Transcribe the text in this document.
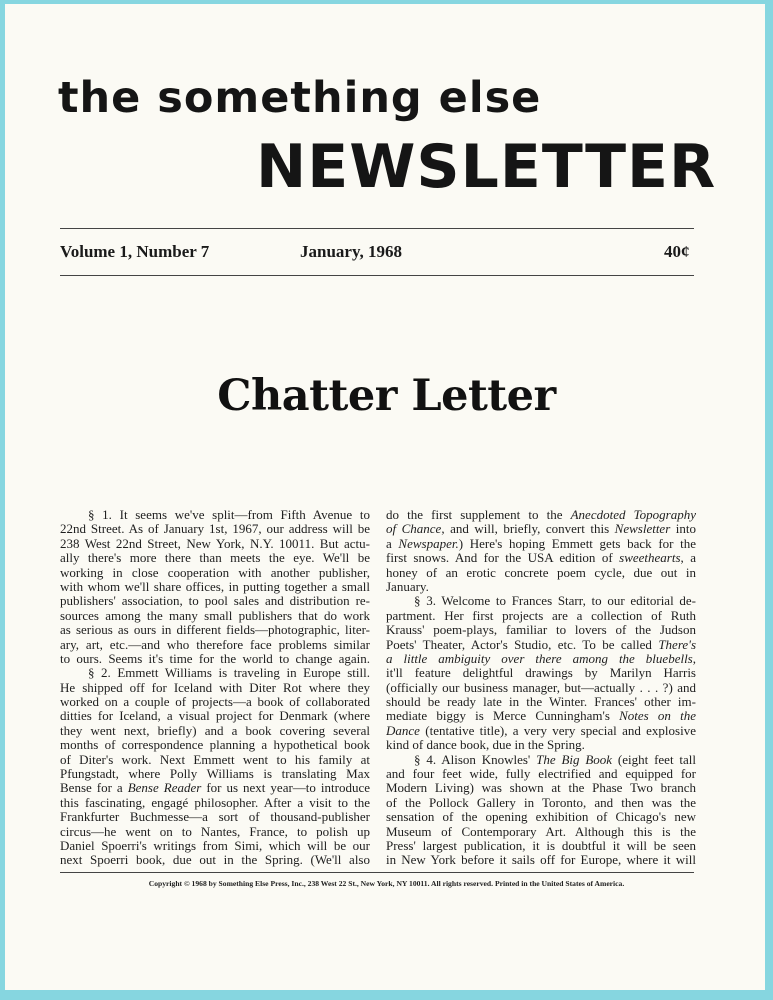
the something else
NEWSLETTER
Volume 1, Number 7	January, 1968	40¢
Chatter Letter
§ 1. It seems we've split—from Fifth Avenue to
22nd Street. As of January 1st, 1967, our address will be
238 West 22nd Street, New York, N.Y. 10011. But actu-
ally there's more there than meets the eye. We'll be
working in close cooperation with another publisher,
with whom we'll share offices, in putting together a small
publishers' association, to pool sales and distribution re-
sources among the many small publishers that do work
as serious as ours in different fields—photographic, liter-
ary, art, etc.—and who therefore face problems similar
to ours. Seems it's time for the world to change again.
§ 2. Emmett Williams is traveling in Europe still.
He shipped off for Iceland with Diter Rot where they
worked on a couple of projects—a book of collaborated
ditties for Iceland, a visual project for Denmark (where
they went next, briefly) and a book covering several
months of correspondence planning a hypothetical book
of Diter's work. Next Emmett went to his family at
Pfungstadt, where Polly Williams is translating Max
Bense for a Bense Reader for us next year—to introduce
this fascinating, engagé philosopher. After a visit to the
Frankfurter Buchmesse—a sort of thousand-publisher
circus—he went on to Nantes, France, to polish up
Daniel Spoerri's writings from Simi, which will be our
next Spoerri book, due out in the Spring. (We'll also
do the first supplement to the Anecdoted Topography
of Chance, and will, briefly, convert this Newsletter into
a Newspaper.) Here's hoping Emmett gets back for the
first snows. And for the USA edition of sweethearts, a
honey of an erotic concrete poem cycle, due out in
January.
§ 3. Welcome to Frances Starr, to our editorial de-
partment. Her first projects are a collection of Ruth
Krauss' poem-plays, familiar to lovers of the Judson
Poets' Theater, Actor's Studio, etc. To be called There's
a little ambiguity over there among the bluebells,
it'll feature delightful drawings by Marilyn Harris
(officially our business manager, but—actually . . . ?) and
should be ready late in the Winter. Frances' other im-
mediate biggy is Merce Cunningham's Notes on the
Dance (tentative title), a very very special and explosive
kind of dance book, due in the Spring.
§ 4. Alison Knowles' The Big Book (eight feet tall
and four feet wide, fully electrified and equipped for
Modern Living) was shown at the Phase Two branch
of the Pollock Gallery in Toronto, and then was the
sensation of the opening exhibition of Chicago's new
Museum of Contemporary Art. Although this is the
Press' largest publication, it is doubtful it will be seen
in New York before it sails off for Europe, where it will
Copyright © 1968 by Something Else Press, Inc., 238 West 22 St., New York, NY 10011. All rights reserved. Printed in the United States of America.
